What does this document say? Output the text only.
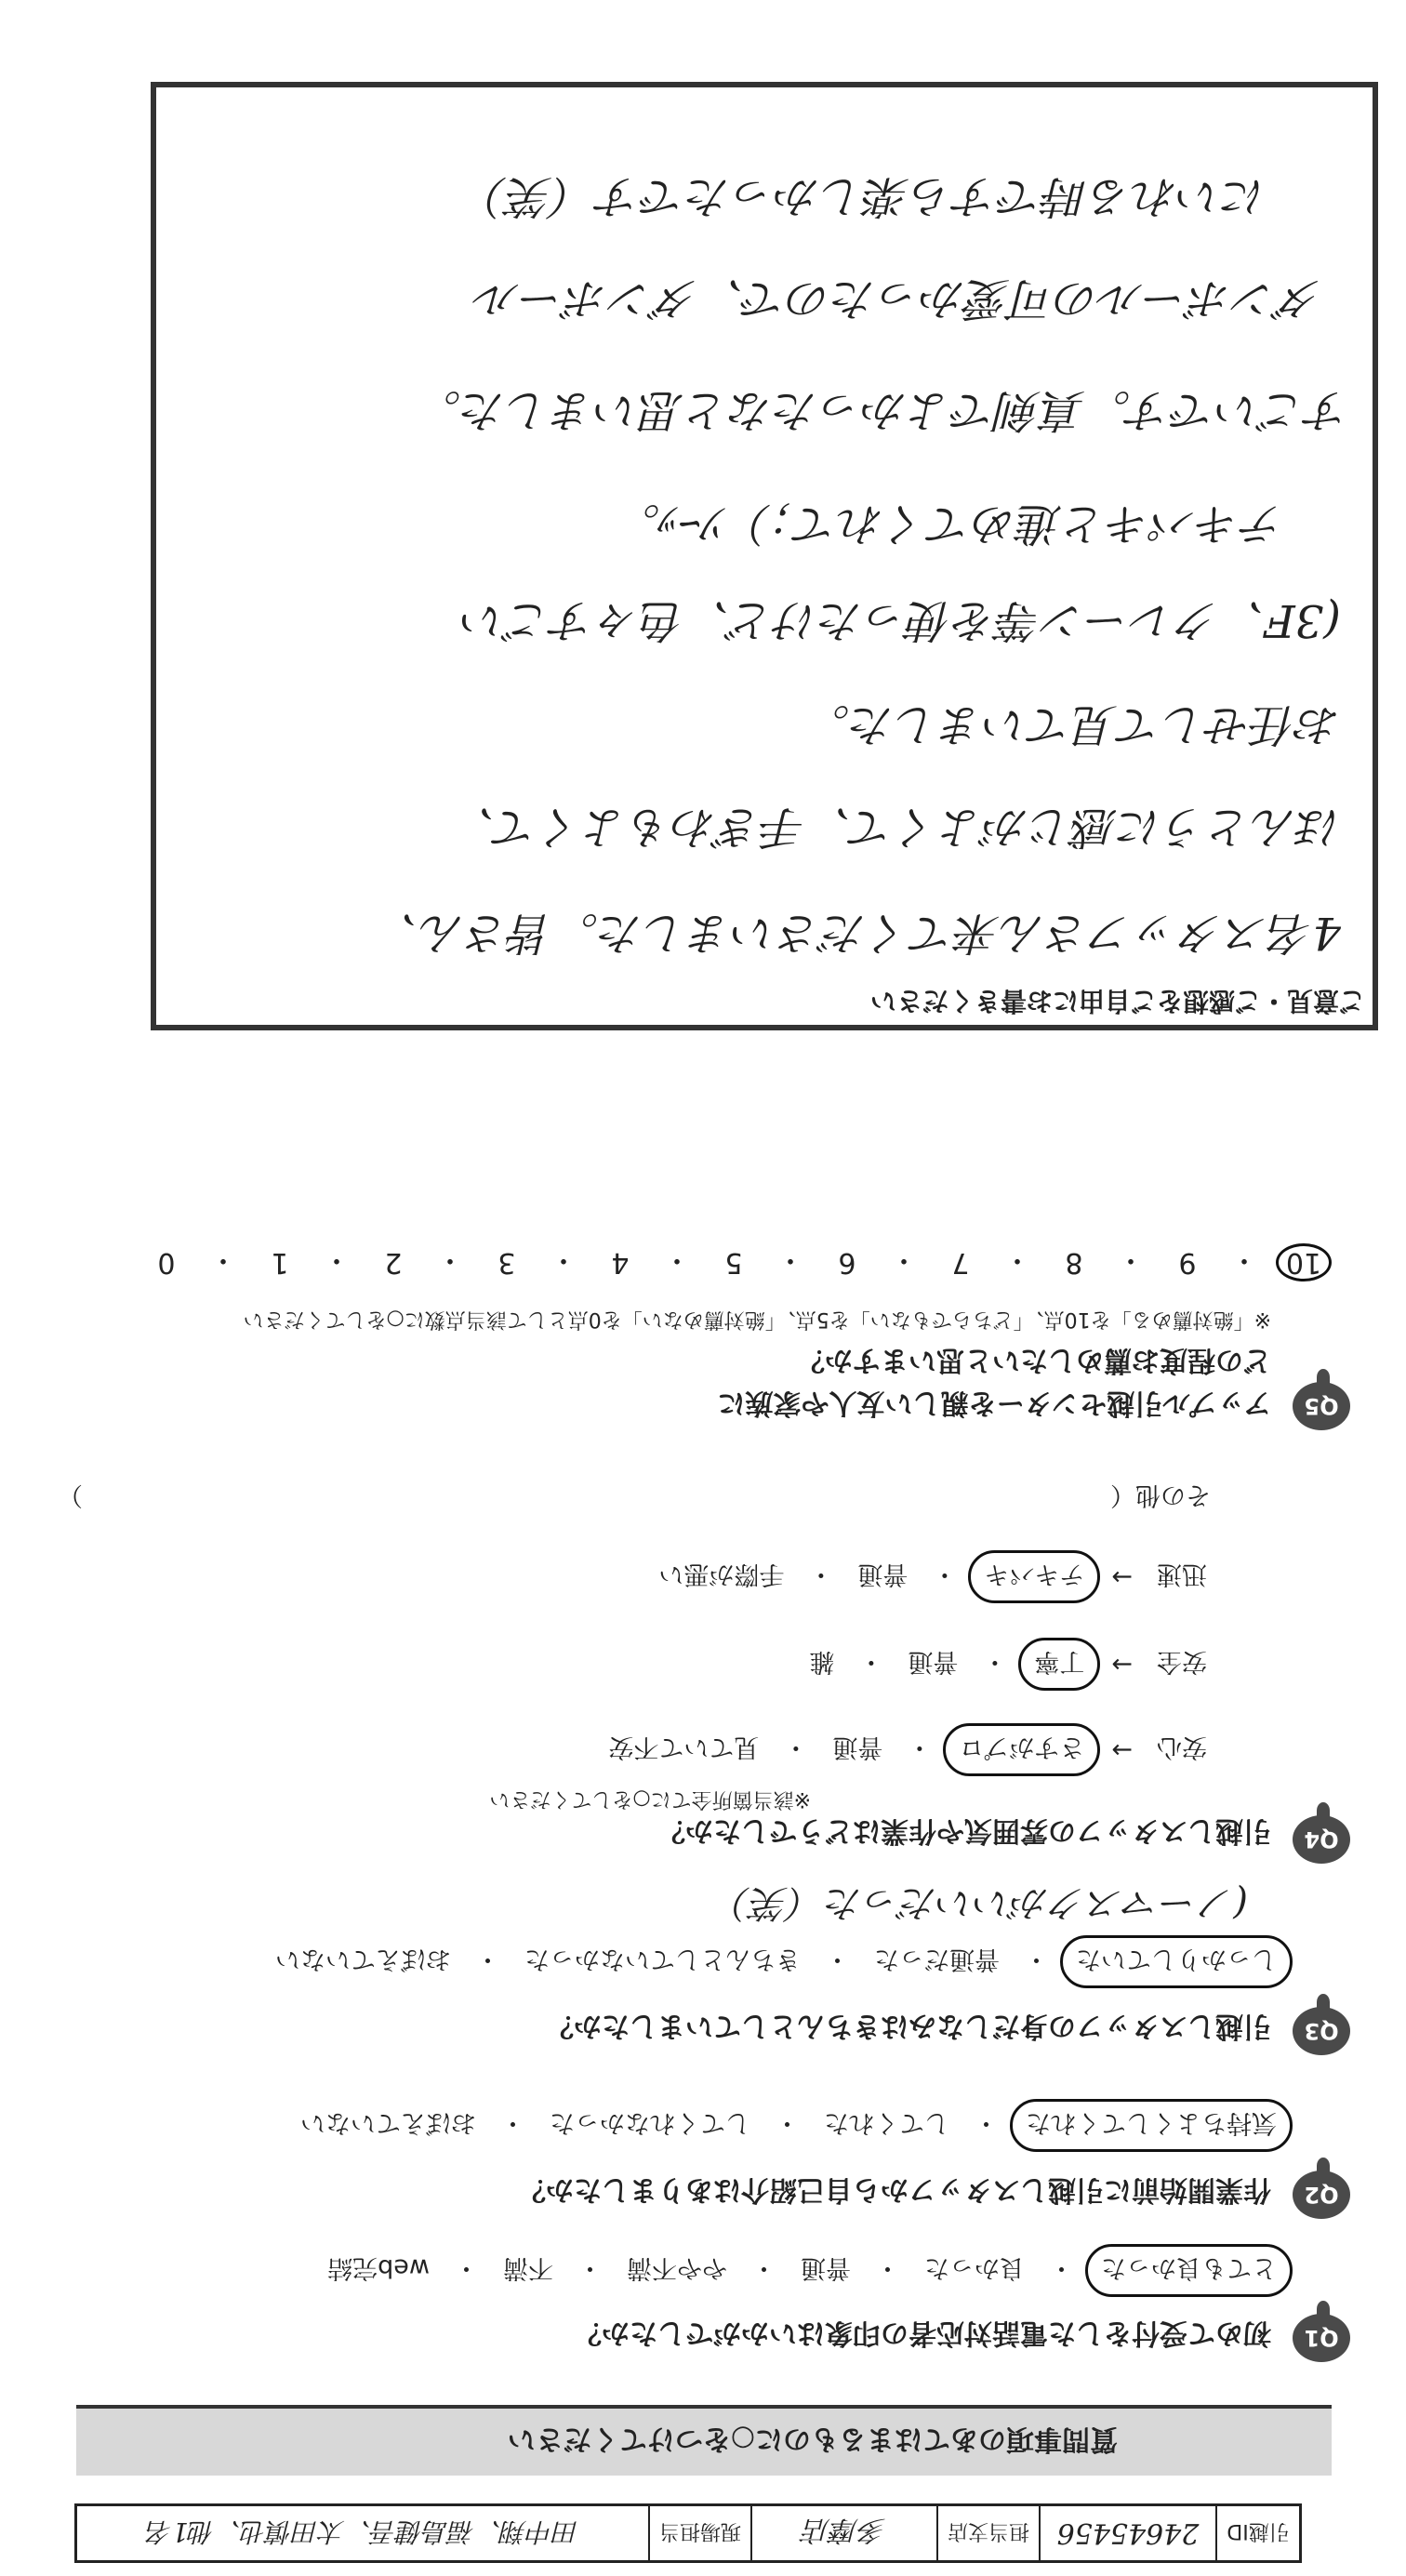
引越ID
24645456
担当支店
多摩店
現場担当
田中翔、福島健吾、太田慎也、他1名
質問事項のあてはまるものに○をつけてください
Q1
初めて受付をした電話対応者の印象はいかがでしたか？
とても良かった
・
良かった
・
普通
・
やや不満
・
不満
・
web完結
Q2
作業開始前に引越しスタッフから自己紹介はありましたか？
気持ちよくしてくれた
・
してくれた
・
してくれなかった
・
おぼえていない
Q3
引越しスタッフの身だしなみはきちんとしていましたか？
しっかりしていた
・
普通だった
・
きちんとしていなかった
・
おぼえていない
(ノーマスクがいいだった（笑）
Q4
引越しスタッフの雰囲気や作業はどうでしたか？
※該当箇所全てに○をしてください
安心
→
さすがプロ
・
普通
・
見ていて不安
安全
→
丁寧
・
普通
・
雑
迅速
→
テキパキ
・
普通
・
手際が悪い
その他（
）
Q5
アップル引越センターを親しい友人や家族に
どの程度お薦めしたいと思いますか？
※「絶対薦める」を10点、「どちらでもない」を5点、「絶対薦めない」を0点として該当点数に○をしてください
10
・
9
・
8
・
7
・
6
・
5
・
4
・
3
・
2
・
1
・
0
ご意見・ご感想をご自由にお書きください
4名スタッフさん来てくださいました。皆さん、
ほんとうに感じがよくて、手ぎわもよくて、
お任せして見ていました。
(3F、クレーン等を使ったけど、色々すごい
テキパキと進めてくれて；）ｿｰｯ。
すごいです。真剣でよかったなと思いました。
ダンボールの可愛かったので、ダンボール
にいれる時ですら楽しかったです（笑）
